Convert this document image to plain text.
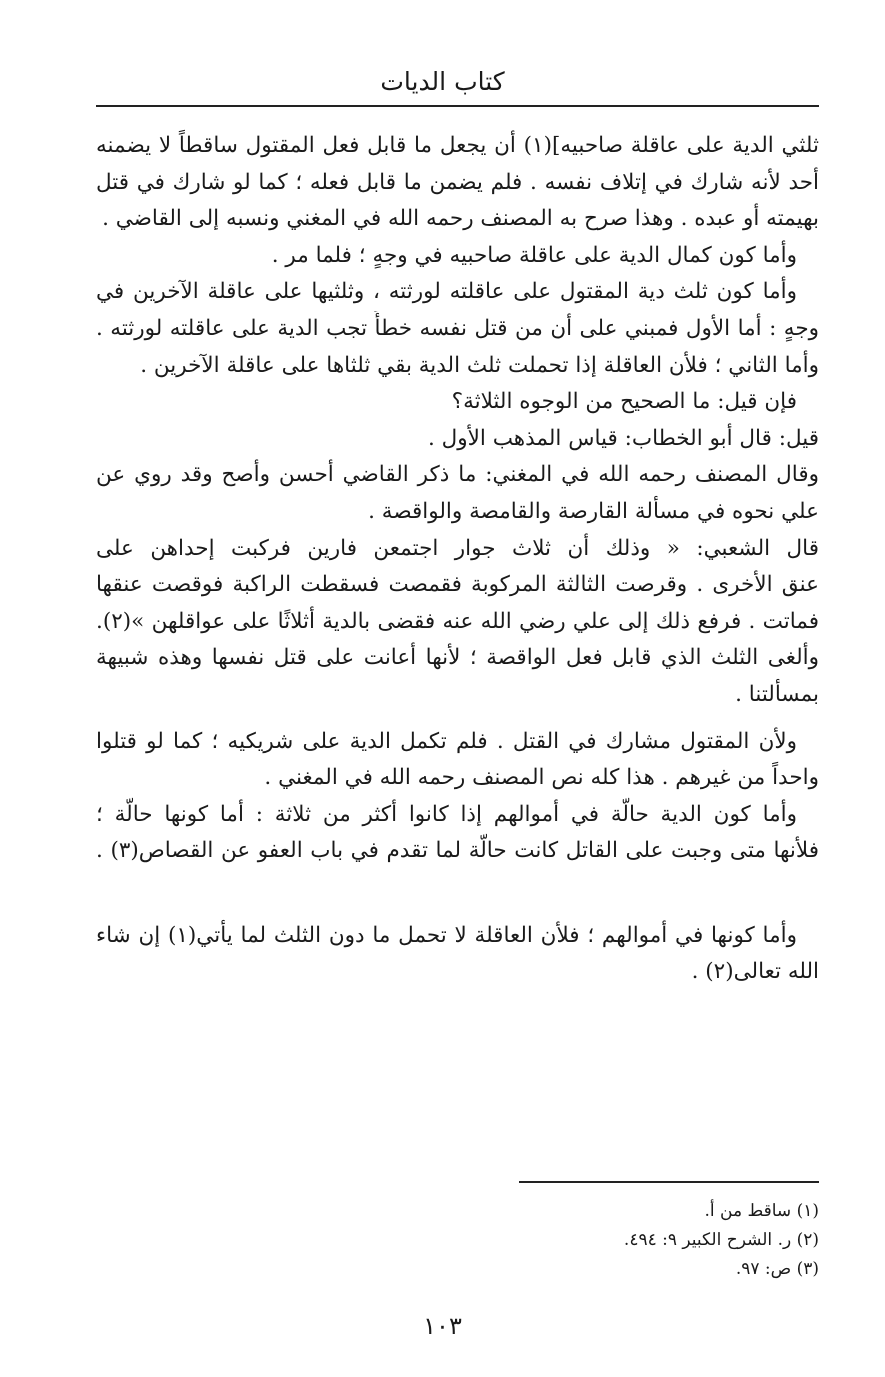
كتاب الديات
ثلثي الدية على عاقلة صاحبيه](١) أن يجعل ما قابل فعل المقتول ساقطاً لا يضمنه
أحد لأنه شارك في إتلاف نفسه . فلم يضمن ما قابل فعله ؛ كما لو شارك في قتل
بهيمته أو عبده . وهذا صرح به المصنف رحمه الله في المغني ونسبه إلى القاضي .
وأما كون كمال الدية على عاقلة صاحبيه في وجهٍ ؛ فلما مر .
وأما كون ثلث دية المقتول على عاقلته لورثته ، وثلثيها على عاقلة الآخرين في
وجهٍ : أما الأول فمبني على أن من قتل نفسه خطأً تجب الدية على عاقلته لورثته .
وأما الثاني ؛ فلأن العاقلة إذا تحملت ثلث الدية بقي ثلثاها على عاقلة الآخرين .
فإن قيل: ما الصحيح من الوجوه الثلاثة؟
قيل: قال أبو الخطاب: قياس المذهب الأول .
وقال المصنف رحمه الله في المغني: ما ذكر القاضي أحسن وأصح وقد روي عن
علي نحوه في مسألة القارصة والقامصة والواقصة .
قال الشعبي: « وذلك أن ثلاث جوار اجتمعن فارين فركبت إحداهن على
عنق الأخرى . وقرصت الثالثة المركوبة فقمصت فسقطت الراكبة فوقصت عنقها
فماتت . فرفع ذلك إلى علي رضي الله عنه فقضى بالدية أثلاثًا على عواقلهن »(٢).
وألغى الثلث الذي قابل فعل الواقصة ؛ لأنها أعانت على قتل نفسها وهذه شبيهة
بمسألتنا .
ولأن المقتول مشارك في القتل . فلم تكمل الدية على شريكيه ؛ كما لو قتلوا
واحداً من غيرهم . هذا كله نص المصنف رحمه الله في المغني .
وأما كون الدية حالّة في أموالهم إذا كانوا أكثر من ثلاثة : أما كونها حالّة ؛
فلأنها متى وجبت على القاتل كانت حالّة لما تقدم في باب العفو عن القصاص(٣) .
وأما كونها في أموالهم ؛ فلأن العاقلة لا تحمل ما دون الثلث لما يأتي(١) إن شاء
الله تعالى(٢) .
(١) ساقط من أ.
(٢) ر. الشرح الكبير ٩: ٤٩٤.
(٣) ص: ٩٧.
١٠٣
